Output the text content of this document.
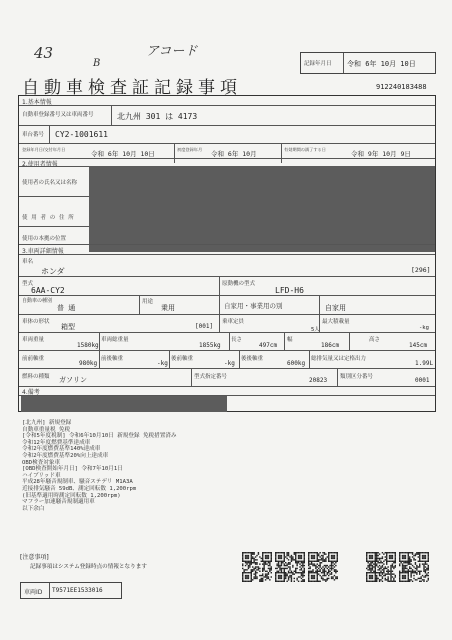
43
B
アコード
記録年月日 令和 6年 10月 10日
自動車検査証記録事項	912240183488
1.基本情報
自動車登録番号又は車両番号	北九州 301 は 4173
車台番号 CY2-1001611
登録年月日/交付年月日
令和 6年 10月 10日
初度登録年月
令和 6年 10月
有効期間の満了する日
令和 9年 10月 9日
2.使用者情報
使用者の氏名又は名称
使 用 者 の 住 所
使用の本拠の位置
3.車両詳細情報
車名
ホンダ	[296]
型式
6AA-CY2
原動機の型式
LFD-H6
自動車の種別
普 通
用途
乗用	自家用・事業用の別	自家用
車体の形状
箱型	[001]
乗車定員
5人
最大積載量
-kg
車両重量
1580kg
車両総重量
1855kg
長さ
497cm
幅
186cm
高さ
145cm
前前軸重
980kg
前後軸重
-kg
後前軸重
-kg
後後軸重
600kg
総排気量又は定格出力
1.99L
燃料の種類 ガソリン	型式指定番号	20823 類別区分番号	0001
4.備考
[北九州] 新規登録
自動車重量税 免税
[令和5年度税制] 令和6年10月10日 新規登録 免税措置済み
令和12年度燃費基準達成車
令和2年度燃費基準140%達成車
令和2年度燃費基準20%向上達成車
OBD検査対象車
[OBD検査開始年月日] 令和7年10月1日
ハイブリッド車
平成28年騒音規制車、騒音ステデリ M1A3A
近接排気騒音 59dB、測定回転数 1,200rpm
(旧基準適用時測定回転数 1,200rpm)
マフラー加速騒音規制適用車
以下余白
[注意事項]
記録事項はシステム登録時点の情報となります
車両ID T9571EE1533016
